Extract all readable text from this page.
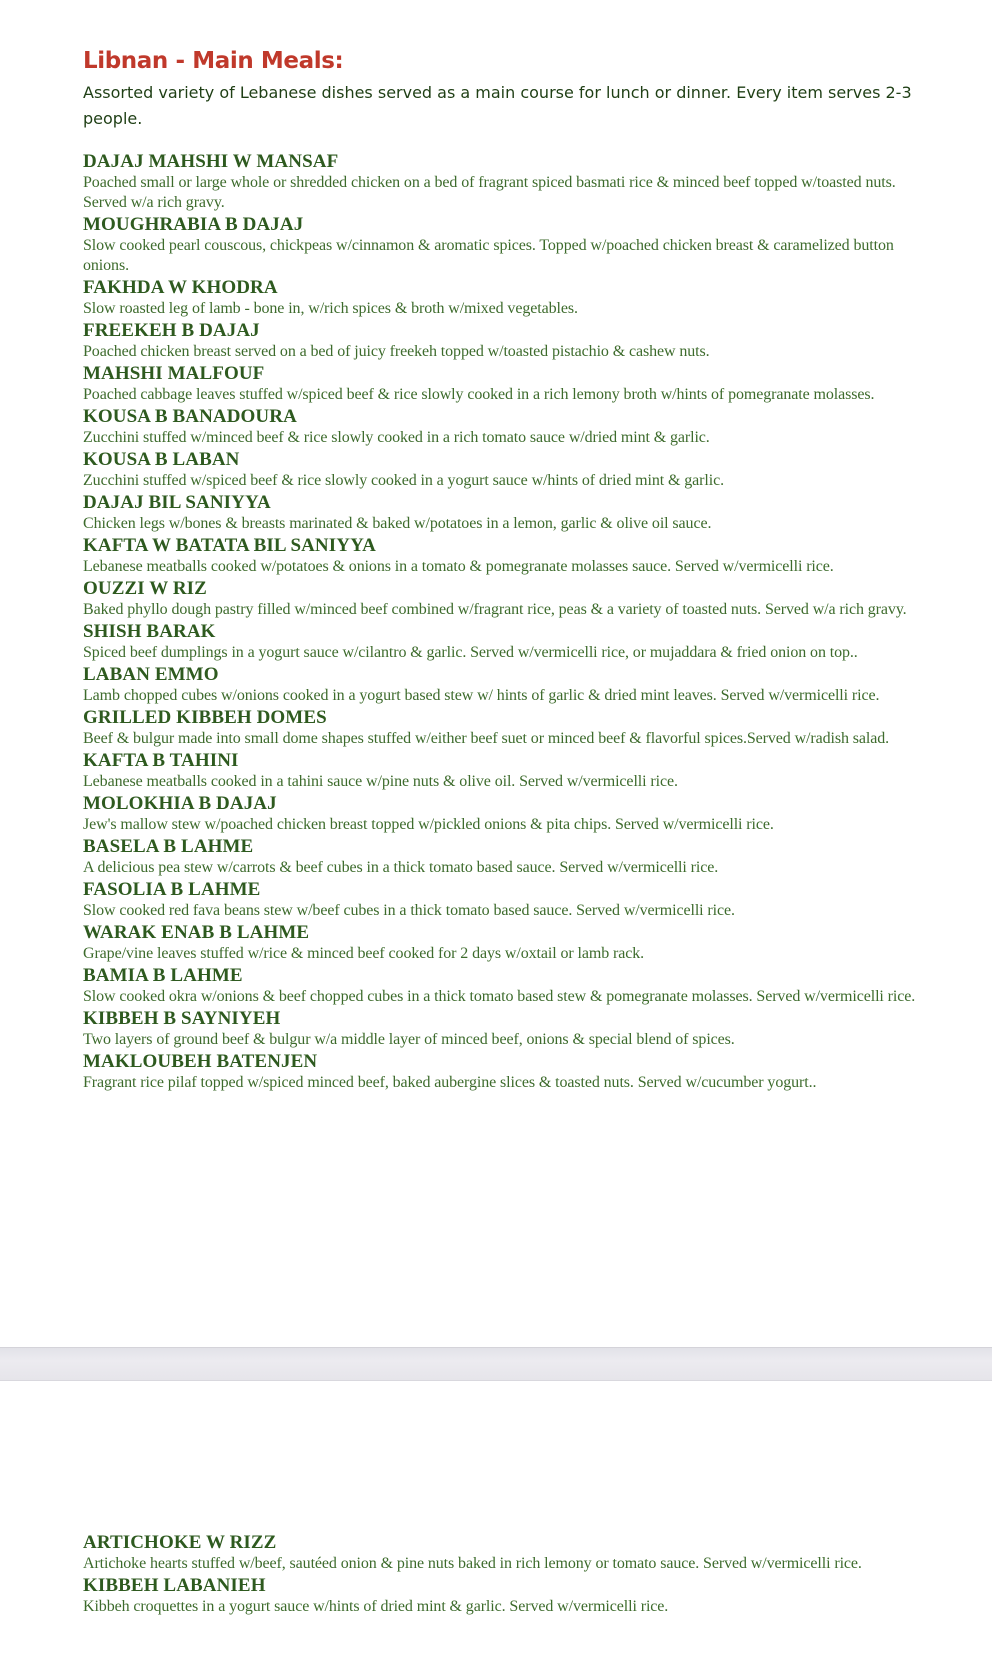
Libnan - Main Meals:

Assorted variety of Lebanese dishes served as a main course for lunch or dinner. Every item serves 2-3 people.

DAJAJ MAHSHI W MANSAF
Poached small or large whole or shredded chicken on a bed of fragrant spiced basmati rice & minced beef topped w/toasted nuts. Served w/a rich gravy.
MOUGHRABIA B DAJAJ
Slow cooked pearl couscous, chickpeas w/cinnamon & aromatic spices. Topped w/poached chicken breast & caramelized button onions.
FAKHDA W KHODRA
Slow roasted leg of lamb - bone in, w/rich spices & broth w/mixed vegetables.
FREEKEH B DAJAJ
Poached chicken breast served on a bed of juicy freekeh topped w/toasted pistachio & cashew nuts.
MAHSHI MALFOUF
Poached cabbage leaves stuffed w/spiced beef & rice slowly cooked in a rich lemony broth w/hints of pomegranate molasses.
KOUSA B BANADOURA
Zucchini stuffed w/minced beef & rice slowly cooked in a rich tomato sauce w/dried mint & garlic.
KOUSA B LABAN
Zucchini stuffed w/spiced beef & rice slowly cooked in a yogurt sauce w/hints of dried mint & garlic.
DAJAJ BIL SANIYYA
Chicken legs w/bones & breasts marinated & baked w/potatoes in a lemon, garlic & olive oil sauce.
KAFTA W BATATA BIL SANIYYA
Lebanese meatballs cooked w/potatoes & onions in a tomato & pomegranate molasses sauce. Served w/vermicelli rice.
OUZZI W RIZ
Baked phyllo dough pastry filled w/minced beef combined w/fragrant rice, peas & a variety of toasted nuts. Served w/a rich gravy.
SHISH BARAK
Spiced beef dumplings in a yogurt sauce w/cilantro & garlic. Served w/vermicelli rice, or mujaddara & fried onion on top..
LABAN EMMO
Lamb chopped cubes w/onions cooked in a yogurt based stew w/ hints of garlic & dried mint leaves. Served w/vermicelli rice.
GRILLED KIBBEH DOMES
Beef & bulgur made into small dome shapes stuffed w/either beef suet or minced beef & flavorful spices.Served w/radish salad.
KAFTA B TAHINI
Lebanese meatballs cooked in a tahini sauce w/pine nuts & olive oil. Served w/vermicelli rice.
MOLOKHIA B DAJAJ
Jew's mallow stew w/poached chicken breast topped w/pickled onions & pita chips. Served w/vermicelli rice.
BASELA B LAHME
A delicious pea stew w/carrots & beef cubes in a thick tomato based sauce. Served w/vermicelli rice.
FASOLIA B LAHME
Slow cooked red fava beans stew w/beef cubes in a thick tomato based sauce. Served w/vermicelli rice.
WARAK ENAB B LAHME
Grape/vine leaves stuffed w/rice & minced beef cooked for 2 days w/oxtail or lamb rack.
BAMIA B LAHME
Slow cooked okra w/onions & beef chopped cubes in a thick tomato based stew & pomegranate molasses. Served w/vermicelli rice.
KIBBEH B SAYNIYEH
Two layers of ground beef & bulgur w/a middle layer of minced beef, onions & special blend of spices.
MAKLOUBEH BATENJEN
Fragrant rice pilaf topped w/spiced minced beef, baked aubergine slices & toasted nuts. Served w/cucumber yogurt..
ARTICHOKE W RIZZ
Artichoke hearts stuffed w/beef, sautéed onion & pine nuts baked in rich lemony or tomato sauce. Served w/vermicelli rice.
KIBBEH LABANIEH
Kibbeh croquettes in a yogurt sauce w/hints of dried mint & garlic. Served w/vermicelli rice.
